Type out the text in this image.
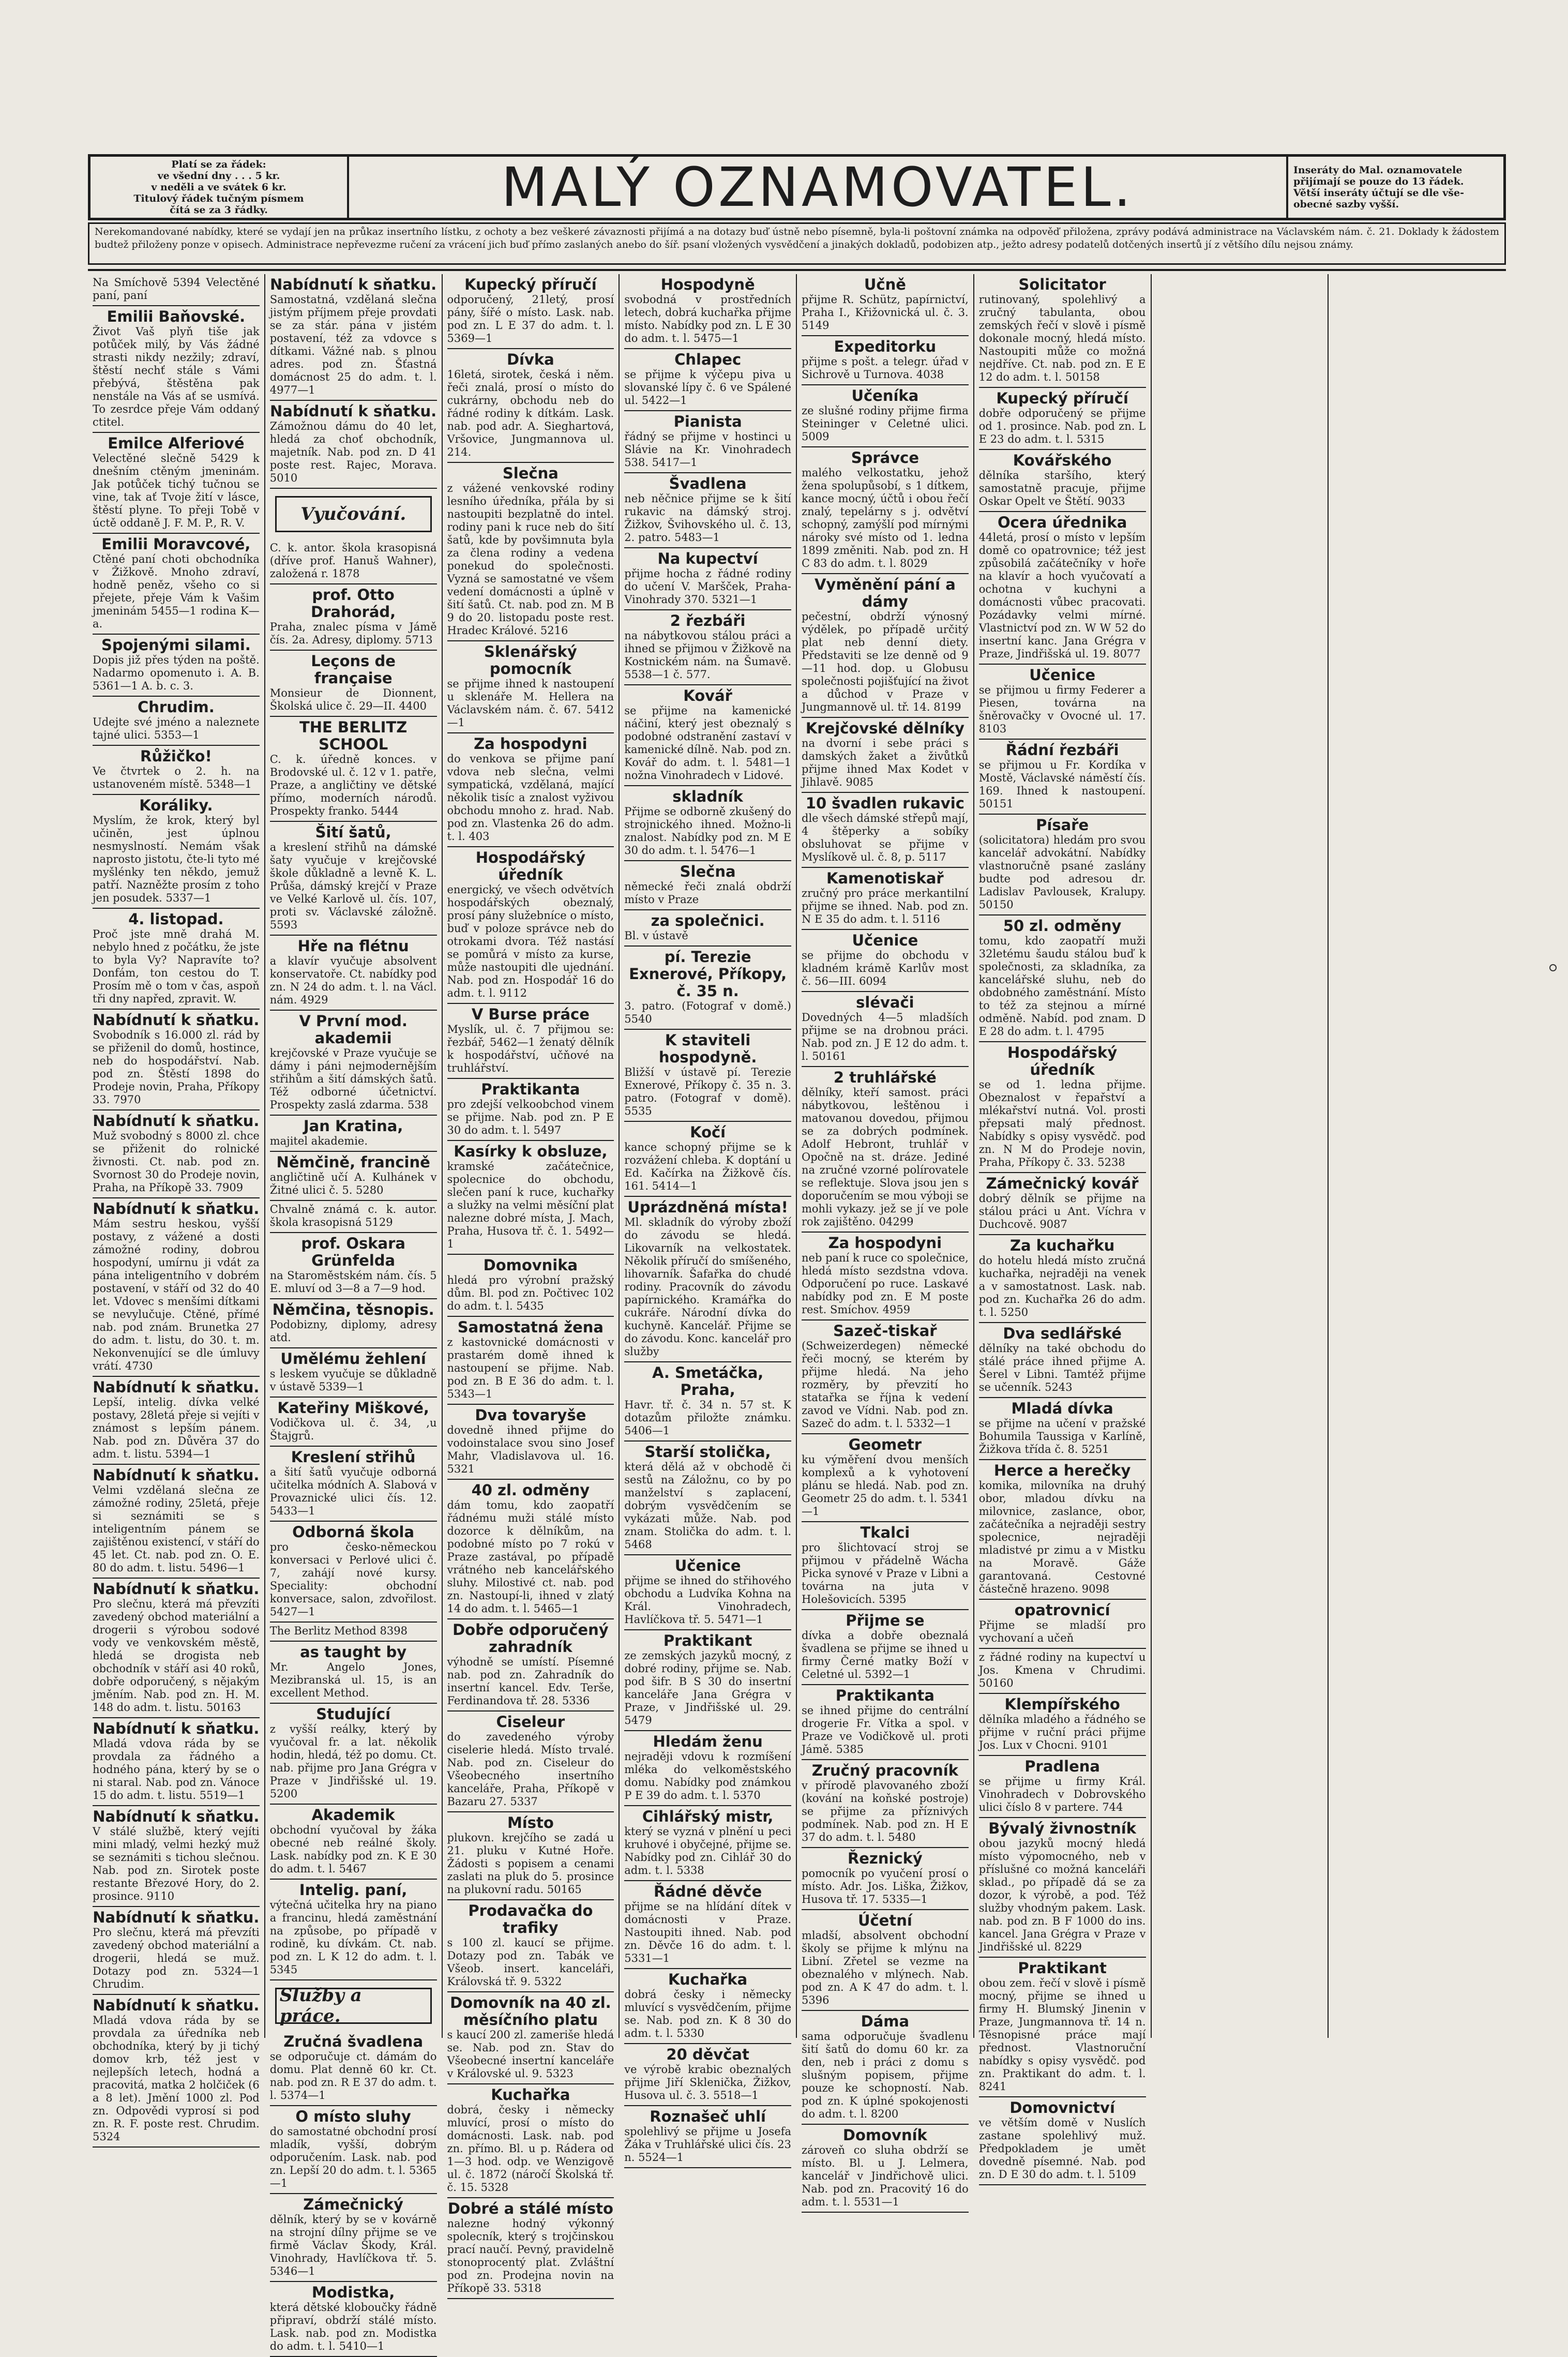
Platí se za řádek:
ve všední dny . . . 5 kr.
v neděli a ve svátek 6 kr.
Titulový řádek tučným písmem
čítá se za 3 řádky.	MALÝ OZNAMOVATEL.	Inseráty do Mal. oznamovatele
přijímají se pouze do 13 řádek.
Větší inseráty účtují se dle vše-
obecné sazby vyšší.
Nerekomandované nabídky, které se vydají jen na průkaz insertního lístku, z ochoty a bez veškeré závaznosti přijímá a na dotazy buď ústně nebo písemně, byla-li poštovní známka na odpověď přiložena, zprávy podává administrace na Václavském nám. č. 21. Doklady k žádostem budtež přiloženy ponze v opisech. Administrace nepřevezme ručení za vrácení jich buď přímo zaslaných anebo do šíř. psaní vložených vysvědčení a jinakých dokladů, podobizen atp., ježto adresy podatelů dotčených insertů jí z většího dílu nejsou známy.
Na Smíchově 5394 Velectěné paní, paní
Emilii Baňovské.
Život Vaš plyň tiše jak potůček milý, by Vás žádné strasti nikdy nezžily; zdraví, štěstí nechť stále s Vámi přebývá, štěstěna pak nenstále na Vás ať se usmívá. To zesrdce přeje Vám oddaný ctitel.
Emilce Alferiové
Velectěné slečně 5429 k dnešním ctěným jmeninám. Jak potůček tichý tučnou se vine, tak ať Tvoje žití v lásce, štěstí plyne. To přeji Tobě v úctě oddaně J. F. M. P., R. V.
Emilii Moravcové,
Ctěné paní choti obchodníka v Žižkově. Mnoho zdraví, hodně peněz, všeho co si přejete, přeje Vám k Vašim jmeninám 5455—1 rodina K—a.
Spojenými silami.
Dopis již přes týden na poště. Nadarmo opomenuto i. A. B. 5361—1 A. b. c. 3.
Chrudim.
Udejte své jméno a naleznete tajné ulici. 5353—1
Růžičko!
Ve čtvrtek o 2. h. na ustanoveném místě. 5348—1
Koráliky.
Myslím, že krok, který byl učiněn, jest úplnou nesmyslností. Nemám však naprosto jistotu, čte-li tyto mé myšlénky ten někdo, jemuž patří. Nazněžte prosím z toho jen posudek. 5337—1
4. listopad.
Proč jste mně drahá M. nebylo hned z počátku, že jste to byla Vy? Napravíte to? Donfám, ton cestou do T. Prosím mě o tom v čas, aspoň tři dny napřed, zpravit. W.
Nabídnutí k sňatku.
Svobodník s 16.000 zl. rád by se přiženil do domů, hostince, neb do hospodářství. Nab. pod zn. Štěstí 1898 do Prodeje novin, Praha, Příkopy 33. 7970
Nabídnutí k sňatku.
Muž svobodný s 8000 zl. chce se přiženit do rolnické živnosti. Ct. nab. pod zn. Svornost 30 do Prodeje novin, Praha, na Příkopě 33. 7909
Nabídnutí k sňatku.
Mám sestru heskou, vyšší postavy, z vážené a dosti zámožné rodiny, dobrou hospodyní, umírnu ji vdát za pána inteligentního v dobrém postavení, v stáří od 32 do 40 let. Vdovec s menšími dítkami se nevylučuje. Ctěné, přímé nab. pod znám. Brunetka 27 do adm. t. listu, do 30. t. m. Nekonvenující se dle úmluvy vrátí. 4730
Nabídnutí k sňatku.
Lepší, intelig. dívka velké postavy, 28letá přeje si vejíti v známost s lepším pánem. Nab. pod zn. Důvěra 37 do adm. t. listu. 5394—1
Nabídnutí k sňatku.
Velmi vzdělaná slečna ze zámožné rodiny, 25letá, přeje si seznámiti se s inteligentním pánem se zajištěnou existencí, v stáří do 45 let. Ct. nab. pod zn. O. E. 80 do adm. t. listu. 5496—1
Nabídnutí k sňatku.
Pro slečnu, která má převzíti zavedený obchod materiální a drogerii s výrobou sodové vody ve venkovském městě, hledá se drogista neb obchodník v stáří asi 40 roků, dobře odporučený, s nějakým jměním. Nab. pod zn. H. M. 148 do adm. t. listu. 50163
Nabídnutí k sňatku.
Mladá vdova ráda by se provdala za řádného a hodného pána, který by se o ni staral. Nab. pod zn. Vánoce 15 do adm. t. listu. 5519—1
Nabídnutí k sňatku.
V stálé službě, který vejíti mini mladý, velmi hezký muž se seznámiti s tichou slečnou. Nab. pod zn. Sirotek poste restante Březové Hory, do 2. prosince. 9110
Nabídnutí k sňatku.
Pro slečnu, která má převzíti zavedený obchod materiální a drogerii, hledá se muž. Dotazy pod zn. 5324—1 Chrudim.
Nabídnutí k sňatku.
Mladá vdova ráda by se provdala za úředníka neb obchodníka, který by ji tichý domov krb, též jest v nejlepších letech, hodná a pracovitá, matka 2 holčiček (6 a 8 let). Jmění 1000 zl. Pod zn. Odpovědi vyprosí si pod zn. R. F. poste rest. Chrudim. 5324
Nabídnutí k sňatku.
Samostatná, vzdělaná slečna jistým příjmem přeje provdati se za stár. pána v jistém postavení, též za vdovce s dítkami. Vážné nab. s plnou adres. pod zn. Šťastná domácnost 25 do adm. t. l. 4977—1
Nabídnutí k sňatku.
Zámožnou dámu do 40 let, hledá za choť obchodník, majetník. Nab. pod zn. D 41 poste rest. Rajec, Morava. 5010
Vyučování.
C. k. antor. škola krasopisná (dříve prof. Hanuš Wahner), založená r. 1878
prof. Otto Drahorád,
Praha, znalec písma v Jámě čís. 2a. Adresy, diplomy. 5713
Leçons de française
Monsieur de Dionnent, Školská ulice č. 29—II. 4400
THE BERLITZ SCHOOL
C. k. úředně konces. v Brodovské ul. č. 12 v 1. patře, Praze, a angličtiny ve dětské přímo, moderních národů. Prospekty franko. 5444
Šití šatů,
a kreslení střihů na dámské šaty vyučuje v krejčovské škole důkladně a levně K. L. Průša, dámský krejčí v Praze ve Velké Karlově ul. čís. 107, proti sv. Václavské záložně. 5593
Hře na flétnu
a klavír vyučuje absolvent konservatoře. Ct. nabídky pod zn. N 24 do adm. t. l. na Václ. nám. 4929
V První mod. akademii
krejčovské v Praze vyučuje se dámy i páni nejmodernějším střihům a šití dámských šatů. Též odborné účetnictví. Prospekty zaslá zdarma. 538
Jan Kratina,
majitel akademie.
Němčině, francině
angličtině učí A. Kulhánek v Žitné ulici č. 5. 5280
Chvalně známá c. k. autor. škola krasopisná 5129
prof. Oskara Grünfelda
na Staroměstském nám. čís. 5 E. mluví od 3—8 a 7—9 hod.
Němčina, těsnopis.
Podobizny, diplomy, adresy atd.
Umělému žehlení
s leskem vyučuje se důkladně v ústavě 5339—1
Kateřiny Miškové,
Vodičkova ul. č. 34, ,u Štajgrů.
Kreslení střihů
a šití šatů vyučuje odborná učitelka módních A. Slabová v Provaznické ulici čís. 12. 5433—1
Odborná škola
pro česko-německou konversaci v Perlové ulici č. 7, zahájí nové kursy. Speciality: obchodní konversace, salon, zdvořilost. 5427—1
The Berlitz Method 8398
as taught by
Mr. Angelo Jones, Mezibranská ul. 15, is an excellent Method.
Studující
z vyšší reálky, který by vyučoval fr. a lat. několik hodin, hledá, též po domu. Ct. nab. přijme pro Jana Grégra v Praze v Jindřišské ul. 19. 5200
Akademik
obchodní vyučoval by žáka obecné neb reálné školy. Lask. nabídky pod zn. K E 30 do adm. t. l. 5467
Intelig. paní,
výtečná učitelka hry na piano a francinu, hledá zaměstnání na způsobe, po případě v rodině, ku dívkám. Ct. nab. pod zn. L K 12 do adm. t. l. 5345
Služby a práce.
Zručná švadlena
se odporučuje ct. dámám do domu. Plat denně 60 kr. Ct. nab. pod zn. R E 37 do adm. t. l. 5374—1
O místo sluhy
do samostatné obchodní prosí mladík, vyšší, dobrým odporučením. Lask. nab. pod zn. Lepší 20 do adm. t. l. 5365—1
Zámečnický
dělník, který by se v kovárně na strojní dílny přijme se ve firmě Václav Škody, Král. Vinohrady, Havlíčkova tř. 5. 5346—1
Modistka,
která dětské kloboučky řádně připraví, obdrží stálé místo. Lask. nab. pod zn. Modistka do adm. t. l. 5410—1
Kupecký příručí
odporučený, 21letý, prosí pány, šířé o místo. Lask. nab. pod zn. L E 37 do adm. t. l. 5369—1
Dívka
16letá, sirotek, česká i něm. řeči znalá, prosí o místo do cukrárny, obchodu neb do řádné rodiny k dítkám. Lask. nab. pod adr. A. Sieghartová, Vršovice, Jungmannova ul. 214.
Slečna
z vážené venkovské rodiny lesního úředníka, přála by si nastoupiti bezplatně do intel. rodiny pani k ruce neb do šití šatů, kde by povšimnuta byla za člena rodiny a vedena ponekud do společnosti. Vyzná se samostatné ve všem vedení domácnosti a úplně v šití šatů. Ct. nab. pod zn. M B 9 do 20. listopadu poste rest. Hradec Králové. 5216
Sklenářský pomocník
se přijme ihned k nastoupení u sklenáře M. Hellera na Václavském nám. č. 67. 5412—1
Za hospodyni
do venkova se přijme paní vdova neb slečna, velmi sympatická, vzdělaná, mající několik tisíc a znalost vyživou obchodu mnoho z. hrad. Nab. pod zn. Vlastenka 26 do adm. t. l. 403
Hospodářský úředník
energický, ve všech odvětvích hospodářských obeznalý, prosí pány služebníce o místo, buď v poloze správce neb do otrokami dvora. Též nastásí se pomůrá v místo za kurse, může nastoupiti dle ujednání. Nab. pod zn. Hospodář 16 do adm. t. l. 9112
V Burse práce
Myslík, ul. č. 7 přijmou se: řezbář, 5462—1 ženatý dělník k hospodářství, učňové na truhlářství.
Praktikanta
pro zdejší velkoobchod vinem se přijme. Nab. pod zn. P E 30 do adm. t. l. 5497
Kasírky k obsluze,
kramské začátečnice, spolecnice do obchodu, slečen paní k ruce, kuchařky a služky na velmi měsíční plat nalezne dobré místa, J. Mach, Praha, Husova tř. č. 1. 5492—1
Domovnika
hledá pro výrobní pražský dům. Bl. pod zn. Počtivec 102 do adm. t. l. 5435
Samostatná žena
z kastovnické domácnosti v prastarém domě ihned k nastoupení se přijme. Nab. pod zn. B E 36 do adm. t. l. 5343—1
Dva tovaryše
dovedně ihned přijme do vodoinstalace svou sino Josef Mahr, Vladislavova ul. 16. 5321
40 zl. odměny
dám tomu, kdo zaopatří řádnému muži stálé místo dozorce k dělníkům, na podobné místo po 7 rokú v Praze zastával, po případě vrátného neb kancelářského sluhy. Milostivé ct. nab. pod zn. Nastoupí-li, ihned v zlatý 14 do adm. t. l. 5465—1
Dobře odporučený zahradník
výhodně se umístí. Písemné nab. pod zn. Zahradník do insertní kancel. Edv. Terše, Ferdinandova tř. 28. 5336
Ciseleur
do zavedeného výroby ciselerie hledá. Místo trvalé. Nab. pod zn. Ciseleur do Všeobecného insertního kanceláře, Praha, Příkopě v Bazaru 27. 5337
Místo
plukovn. krejčího se zadá u 21. pluku v Kutné Hoře. Žádosti s popisem a cenami zaslati na pluk do 5. prosince na plukovní radu. 50165
Prodavačka do trafiky
s 100 zl. kaucí se přijme. Dotazy pod zn. Tabák ve Všeob. insert. kanceláři, Královská tř. 9. 5322
Domovník na 40 zl. měsíčního platu
s kaucí 200 zl. zameriše hledá se. Nab. pod zn. Stav do Všeobecné insertní kanceláře v Královské ul. 9. 5323
Kuchařka
dobrá, česky i německy mluvící, prosí o místo do domácnosti. Lask. nab. pod zn. přímo. Bl. u p. Rádera od 1—3 hod. odp. ve Wenzigově ul. č. 1872 (náročí Školská tř. č. 15. 5328
Dobré a stálé místo
nalezne hodný výkonný spolecník, který s trojčinskou prací naučí. Pevný, pravidelně stonoprocentý plat. Zvláštní pod zn. Prodejna novin na Příkopě 33. 5318
Hospodyně
svobodná v prostředních letech, dobrá kuchařka přijme místo. Nabídky pod zn. L E 30 do adm. t. l. 5475—1
Chlapec
se přijme k výčepu piva u slovanské lípy č. 6 ve Spálené ul. 5422—1
Pianista
řádný se přijme v hostinci u Slávie na Kr. Vinohradech 538. 5417—1
Švadlena
neb něčnice přijme se k šití rukavic na dámský stroj. Žižkov, Švihovského ul. č. 13, 2. patro. 5483—1
Na kupectví
přijme hocha z řádné rodiny do učení V. Maršček, Praha-Vinohrady 370. 5321—1
2 řezbáři
na nábytkovou stálou práci a ihned se přijmou v Žižkově na Kostnickém nám. na Šumavě. 5538—1 č. 577.
Kovář
se přijme na kamenické náčiní, který jest obeznalý s podobné odstranění zastaví v kamenické dílně. Nab. pod zn. Kovář do adm. t. l. 5481—1 nožna Vinohradech v Lidové.
skladník
Přijme se odborně zkušený do strojnického ihned. Možno-li znalost. Nabídky pod zn. M E 30 do adm. t. l. 5476—1
Slečna
německé řeči znalá obdrží místo v Praze
za společnici.
Bl. v ústavě
pí. Terezie Exnerové, Příkopy, č. 35 n.
3. patro. (Fotograf v domě.) 5540
K staviteli hospodyně.
Bližší v ústavě pí. Terezie Exnerové, Příkopy č. 35 n. 3. patro. (Fotograf v domě). 5535
Kočí
kance schopný přijme se k rozvážení chleba. K doptání u Ed. Kačírka na Žižkově čís. 161. 5414—1
Uprázdněná místa!
Ml. skladník do výroby zboží do závodu se hledá. Likovarník na velkostatek. Několik příručí do smíšeného, lihovarník. Šafařka do chudé rodiny. Pracovník do závodu papírnického. Kramářka do cukráře. Národní dívka do kuchyně. Kancelář. Přijme se do závodu. Konc. kancelář pro služby
A. Smetáčka, Praha,
Havr. tř. č. 34 n. 57 st. K dotazům přiložte známku. 5406—1
Starší stolička,
která dělá až v obchodě či sestů na Záložnu, co by po manželství s zaplacení, dobrým vysvědčením se vykázati může. Nab. pod znam. Stolička do adm. t. l. 5468
Učenice
přijme se ihned do střihového obchodu a Ludvíka Kohna na Král. Vinohradech, Havlíčkova tř. 5. 5471—1
Praktikant
ze zemských jazyků mocný, z dobré rodiny, přijme se. Nab. pod šifr. B S 30 do insertní kanceláře Jana Grégra v Praze, v Jindřišské ul. 29. 5479
Hledám ženu
nejraději vdovu k rozmíšení mléka do velkoměstského domu. Nabídky pod známkou P E 39 do adm. t. l. 5370
Cihlářský mistr,
který se vyzná v plnění u peci kruhové i obyčejné, přijme se. Nabídky pod zn. Cihlář 30 do adm. t. l. 5338
Řádné děvče
přijme se na hlídání dítek v domácnosti v Praze. Nastoupiti ihned. Nab. pod zn. Děvče 16 do adm. t. l. 5331—1
Kuchařka
dobrá česky i německy mluvící s vysvědčením, přijme se. Nab. pod zn. K 8 30 do adm. t. l. 5330
20 děvčat
ve výrobě krabic obeznalých přijme Jiří Sklenička, Žižkov, Husova ul. č. 3. 5518—1
Roznašeč uhlí
spolehlivý se přijme u Josefa Žáka v Truhlářské ulici čís. 23 n. 5524—1
Učně
přijme R. Schütz, papírnictví, Praha I., Křižovnická ul. č. 3. 5149
Expeditorku
přijme s pošt. a telegr. úřad v Sichrově u Turnova. 4038
Učeníka
ze slušné rodiny přijme firma Steininger v Celetné ulici. 5009
Správce
malého velkostatku, jehož žena spolupůsobí, s 1 dítkem, kance mocný, účtů i obou řečí znalý, tepelárny s j. odvětví schopný, zamýšlí pod mírnými nároky své místo od 1. ledna 1899 změniti. Nab. pod zn. H C 83 do adm. t. l. 8029
Vyměnění pání a dámy
pečestní, obdrží výnosný výdělek, po případě určitý plat neb denní diety. Představiti se lze denně od 9—11 hod. dop. u Globusu společnosti pojišťující na život a důchod v Praze v Jungmannově ul. tř. 14. 8199
Krejčovské dělníky
na dvorní i sebe práci s damských žaket a živůtků přijme ihned Max Kodet v Jihlavě. 9085
10 švadlen rukavic
dle všech dámské střepů mají, 4 štěperky a sobíky obsluhovat se přijme v Myslíkově ul. č. 8, p. 5117
Kamenotiskař
zručný pro práce merkantilní přijme se ihned. Nab. pod zn. N E 35 do adm. t. l. 5116
Učenice
se přijme do obchodu v kladném krámě Karlův most č. 56—III. 6094
slévači
Dovedných 4—5 mladších přijme se na drobnou práci. Nab. pod zn. J E 12 do adm. t. l. 50161
2 truhlářské
dělníky, kteří samost. práci nábytkovou, leštěnou i matovanou dovedou, přijmou se za dobrých podmínek. Adolf Hebront, truhlář v Opočně na st. dráze. Jediné na zručné vzorné polírovatele se reflektuje. Slova jsou jen s doporučením se mou výboji se mohli vykazy. jež se jí ve pole rok zajištěno. 04299
Za hospodyni
neb paní k ruce co společnice, hledá místo sezdstna vdova. Odporučení po ruce. Laskavé nabídky pod zn. E M poste rest. Smíchov. 4959
Sazeč-tiskař
(Schweizerdegen) německé řeči mocný, se kterém by přijme hledá. Na jeho rozměry, by převzití ho statařka se října k vedení zavod ve Vídni. Nab. pod zn. Sazeč do adm. t. l. 5332—1
Geometr
ku výměření dvou menších komplexů a k vyhotovení plánu se hledá. Nab. pod zn. Geometr 25 do adm. t. l. 5341—1
Tkalci
pro šlichtovací stroj se přijmou v přádelně Wácha Picka synové v Praze v Libni a továrna na juta v Holešovicích. 5395
Přijme se
dívka a dobře obeznalá švadlena se přijme se ihned u firmy Černé matky Boží v Celetné ul. 5392—1
Praktikanta
se ihned přijme do centrální drogerie Fr. Vítka a spol. v Praze ve Vodičkově ul. proti Jámě. 5385
Zručný pracovník
v přírodě plavovaného zboží (kování na koňské postroje) se přijme za příznivých podmínek. Nab. pod zn. H E 37 do adm. t. l. 5480
Řeznický
pomocník po vyučení prosí o místo. Adr. Jos. Liška, Žižkov, Husova tř. 17. 5335—1
Účetní
mladší, absolvent obchodní školy se přijme k mlýnu na Libní. Zřetel se vezme na obeznalého v mlýnech. Nab. pod zn. A K 47 do adm. t. l. 5396
Dáma
sama odporučuje švadlenu šití šatů do domu 60 kr. za den, neb i práci z domu s slušným popisem, přijme pouze ke schopností. Nab. pod zn. K úplné spokojenosti do adm. t. l. 8200
Domovník
zároveň co sluha obdrží se místo. Bl. u J. Lelmera, kancelář v Jindřichově ulici. Nab. pod zn. Pracovitý 16 do adm. t. l. 5531—1
Solicitator
rutinovaný, spolehlivý a zručný tabulanta, obou zemských řečí v slově i písmě dokonale mocný, hledá místo. Nastoupiti může co možná nejdříve. Ct. nab. pod zn. E E 12 do adm. t. l. 50158
Kupecký příručí
dobře odporučený se přijme od 1. prosince. Nab. pod zn. L E 23 do adm. t. l. 5315
Kovářského
dělníka staršího, který samostatně pracuje, přijme Oskar Opelt ve Štětí. 9033
Ocera úřednika
44letá, prosí o místo v lepším domě co opatrovnice; též jest způsobilá začátečníky v hoře na klavír a hoch vyučovatí a ochotna v kuchyni a domácnosti vůbec pracovati. Pozádavky velmi mírné. Vlastnictví pod zn. W W 52 do insertní kanc. Jana Grégra v Praze, Jindřišská ul. 19. 8077
Učenice
se přijmou u firmy Federer a Piesen, továrna na šněrovačky v Ovocné ul. 17. 8103
Řádní řezbáři
se přijmou u Fr. Kordíka v Mostě, Václavské náměstí čís. 169. Ihned k nastoupení. 50151
Písaře
(solicitatora) hledám pro svou kancelář advokátní. Nabídky vlastnoručně psané zaslány budte pod adresou dr. Ladislav Pavlousek, Kralupy. 50150
50 zl. odměny
tomu, kdo zaopatří muži 32letému šaudu stálou buď k společnosti, za skladníka, za kancelářské sluhu, neb do obdobného zaměstnání. Místo to též za stejnou a mírné odměně. Nabíd. pod znam. D E 28 do adm. t. l. 4795
Hospodářský úředník
se od 1. ledna přijme. Obeznalost v řepařství a mlékařství nutná. Vol. prosti přepsati malý přednost. Nabídky s opisy vysvědč. pod zn. N M do Prodeje novin, Praha, Příkopy č. 33. 5238
Zámečnický kovář
dobrý dělník se přijme na stálou práci u Ant. Víchra v Duchcově. 9087
Za kuchařku
do hotelu hledá místo zručná kuchařka, nejraději na venek a v samostatnost. Lask. nab. pod zn. Kuchařka 26 do adm. t. l. 5250
Dva sedlářské
dělníky na také obchodu do stálé práce ihned přijme A. Šerel v Libni. Tamtéž přijme se učenník. 5243
Mladá dívka
se přijme na učení v pražské Bohumila Taussiga v Karlíně, Žižkova třída č. 8. 5251
Herce a herečky
komika, milovníka na druhý obor, mladou dívku na milovnice, zaslance, obor, začátečníka a nejraději sestry spolecnice, nejraději mladistvé pr zimu a v Mistku na Moravě. Gáže garantovaná. Cestovné částečně hrazeno. 9098
opatrovnicí
Přijme se mladší pro vychovaní a učeň
z řádné rodiny na kupectví u Jos. Kmena v Chrudimi. 50160
Klempířského
dělníka mladého a řádného se přijme v ruční práci přijme Jos. Lux v Chocni. 9101
Pradlena
se přijme u firmy Král. Vinohradech v Dobrovského ulici číslo 8 v partere. 744
Bývalý živnostník
obou jazyků mocný hledá místo výpomocného, neb v příslušné co možná kanceláři sklad., po případě dá se za dozor, k výrobě, a pod. Též služby vhodným pakem. Lask. nab. pod zn. B F 1000 do ins. kancel. Jana Grégra v Praze v Jindřišské ul. 8229
Praktikant
obou zem. řečí v slově i písmě mocný, přijme se ihned u firmy H. Blumský Jinenin v Praze, Jungmannova tř. 14 n. Těsnopisné práce mají přednost. Vlastnoruční nabídky s opisy vysvědč. pod zn. Praktikant do adm. t. l. 8241
Domovnictví
ve větším domě v Nuslích zastane spolehlivý muž. Předpokladem je umět dovedně písemné. Nab. pod zn. D E 30 do adm. t. l. 5109
